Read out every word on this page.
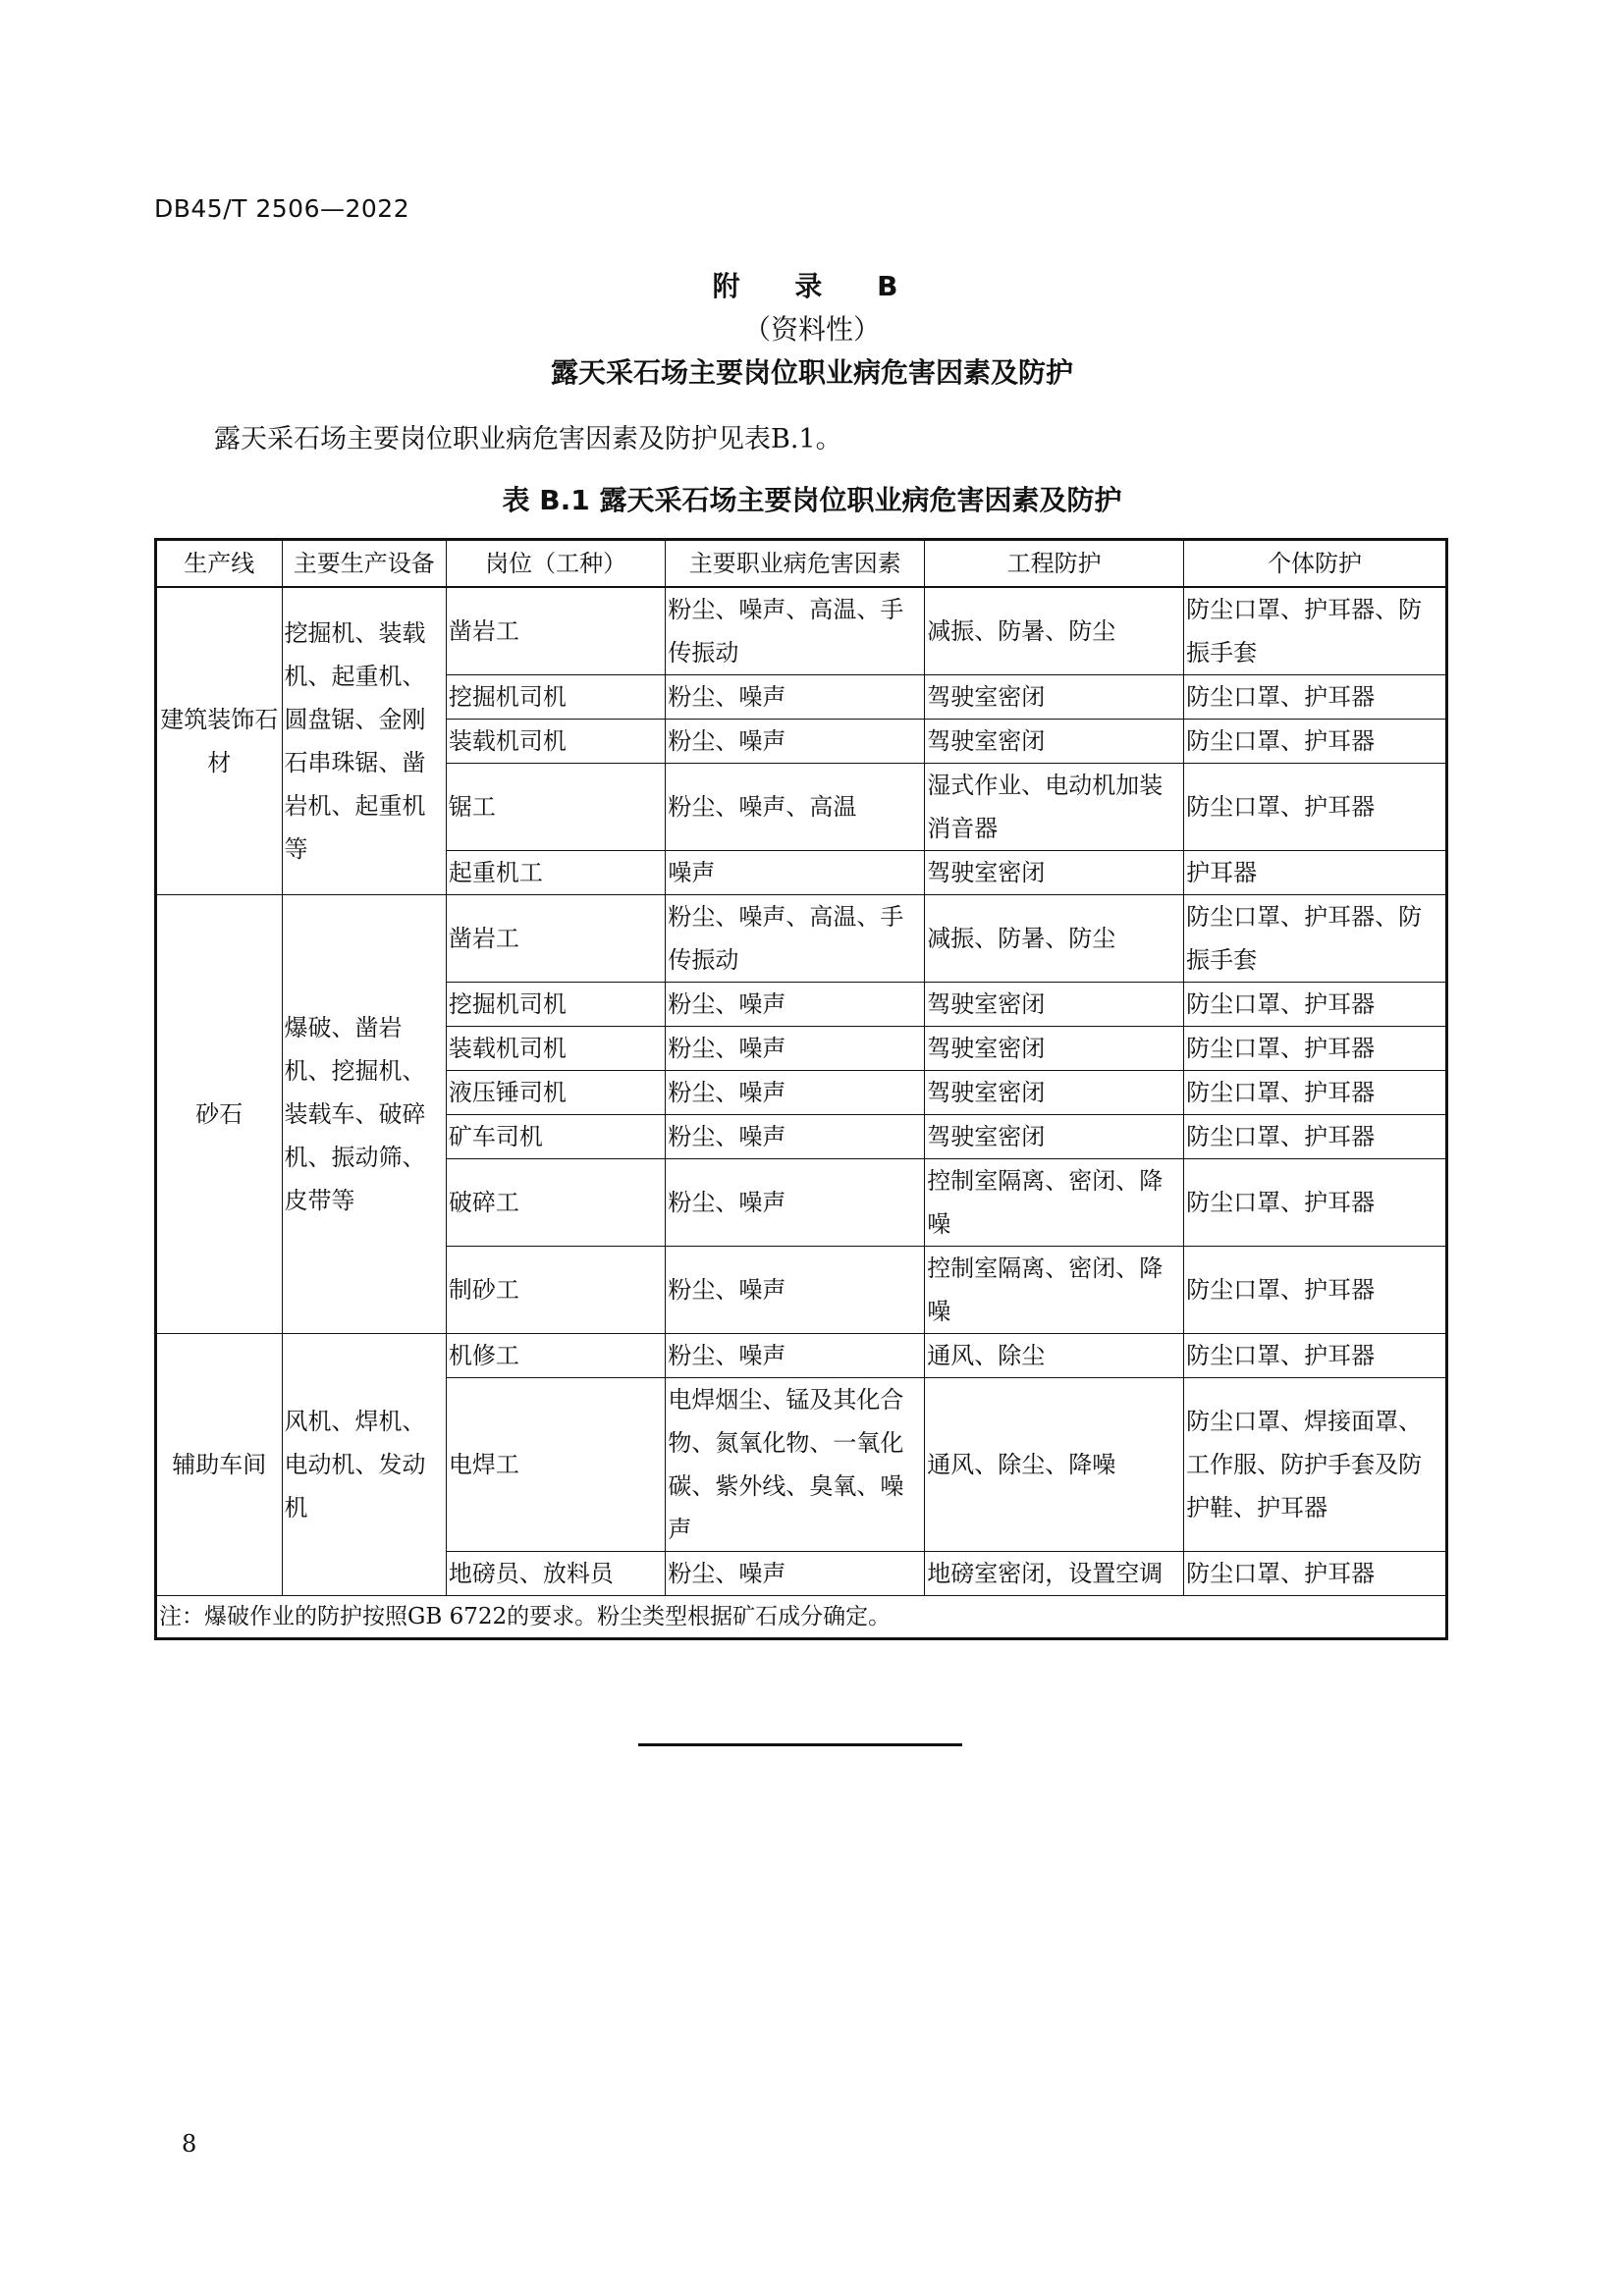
DB45/T 2506—2022
附 录 B
（资料性）
露天采石场主要岗位职业病危害因素及防护
露天采石场主要岗位职业病危害因素及防护见表B.1。
表 B.1 露天采石场主要岗位职业病危害因素及防护
生产线	主要生产设备	岗位（工种）	主要职业病危害因素	工程防护	个体防护
建筑装饰石材	挖掘机、装载机、起重机、圆盘锯、金刚石串珠锯、凿岩机、起重机等	凿岩工	粉尘、噪声、高温、手传振动	减振、防暑、防尘	防尘口罩、护耳器、防振手套
		挖掘机司机	粉尘、噪声	驾驶室密闭	防尘口罩、护耳器
		装载机司机	粉尘、噪声	驾驶室密闭	防尘口罩、护耳器
		锯工	粉尘、噪声、高温	湿式作业、电动机加装消音器	防尘口罩、护耳器
		起重机工	噪声	驾驶室密闭	护耳器
砂石	爆破、凿岩机、挖掘机、装载车、破碎机、振动筛、皮带等	凿岩工	粉尘、噪声、高温、手传振动	减振、防暑、防尘	防尘口罩、护耳器、防振手套
		挖掘机司机	粉尘、噪声	驾驶室密闭	防尘口罩、护耳器
		装载机司机	粉尘、噪声	驾驶室密闭	防尘口罩、护耳器
		液压锤司机	粉尘、噪声	驾驶室密闭	防尘口罩、护耳器
		矿车司机	粉尘、噪声	驾驶室密闭	防尘口罩、护耳器
		破碎工	粉尘、噪声	控制室隔离、密闭、降噪	防尘口罩、护耳器
		制砂工	粉尘、噪声	控制室隔离、密闭、降噪	防尘口罩、护耳器
辅助车间	风机、焊机、电动机、发动机	机修工	粉尘、噪声	通风、除尘	防尘口罩、护耳器
		电焊工	电焊烟尘、锰及其化合物、氮氧化物、一氧化碳、紫外线、臭氧、噪声	通风、除尘、降噪	防尘口罩、焊接面罩、工作服、防护手套及防护鞋、护耳器
		地磅员、放料员	粉尘、噪声	地磅室密闭，设置空调	防尘口罩、护耳器
注：爆破作业的防护按照GB 6722的要求。粉尘类型根据矿石成分确定。					
8
